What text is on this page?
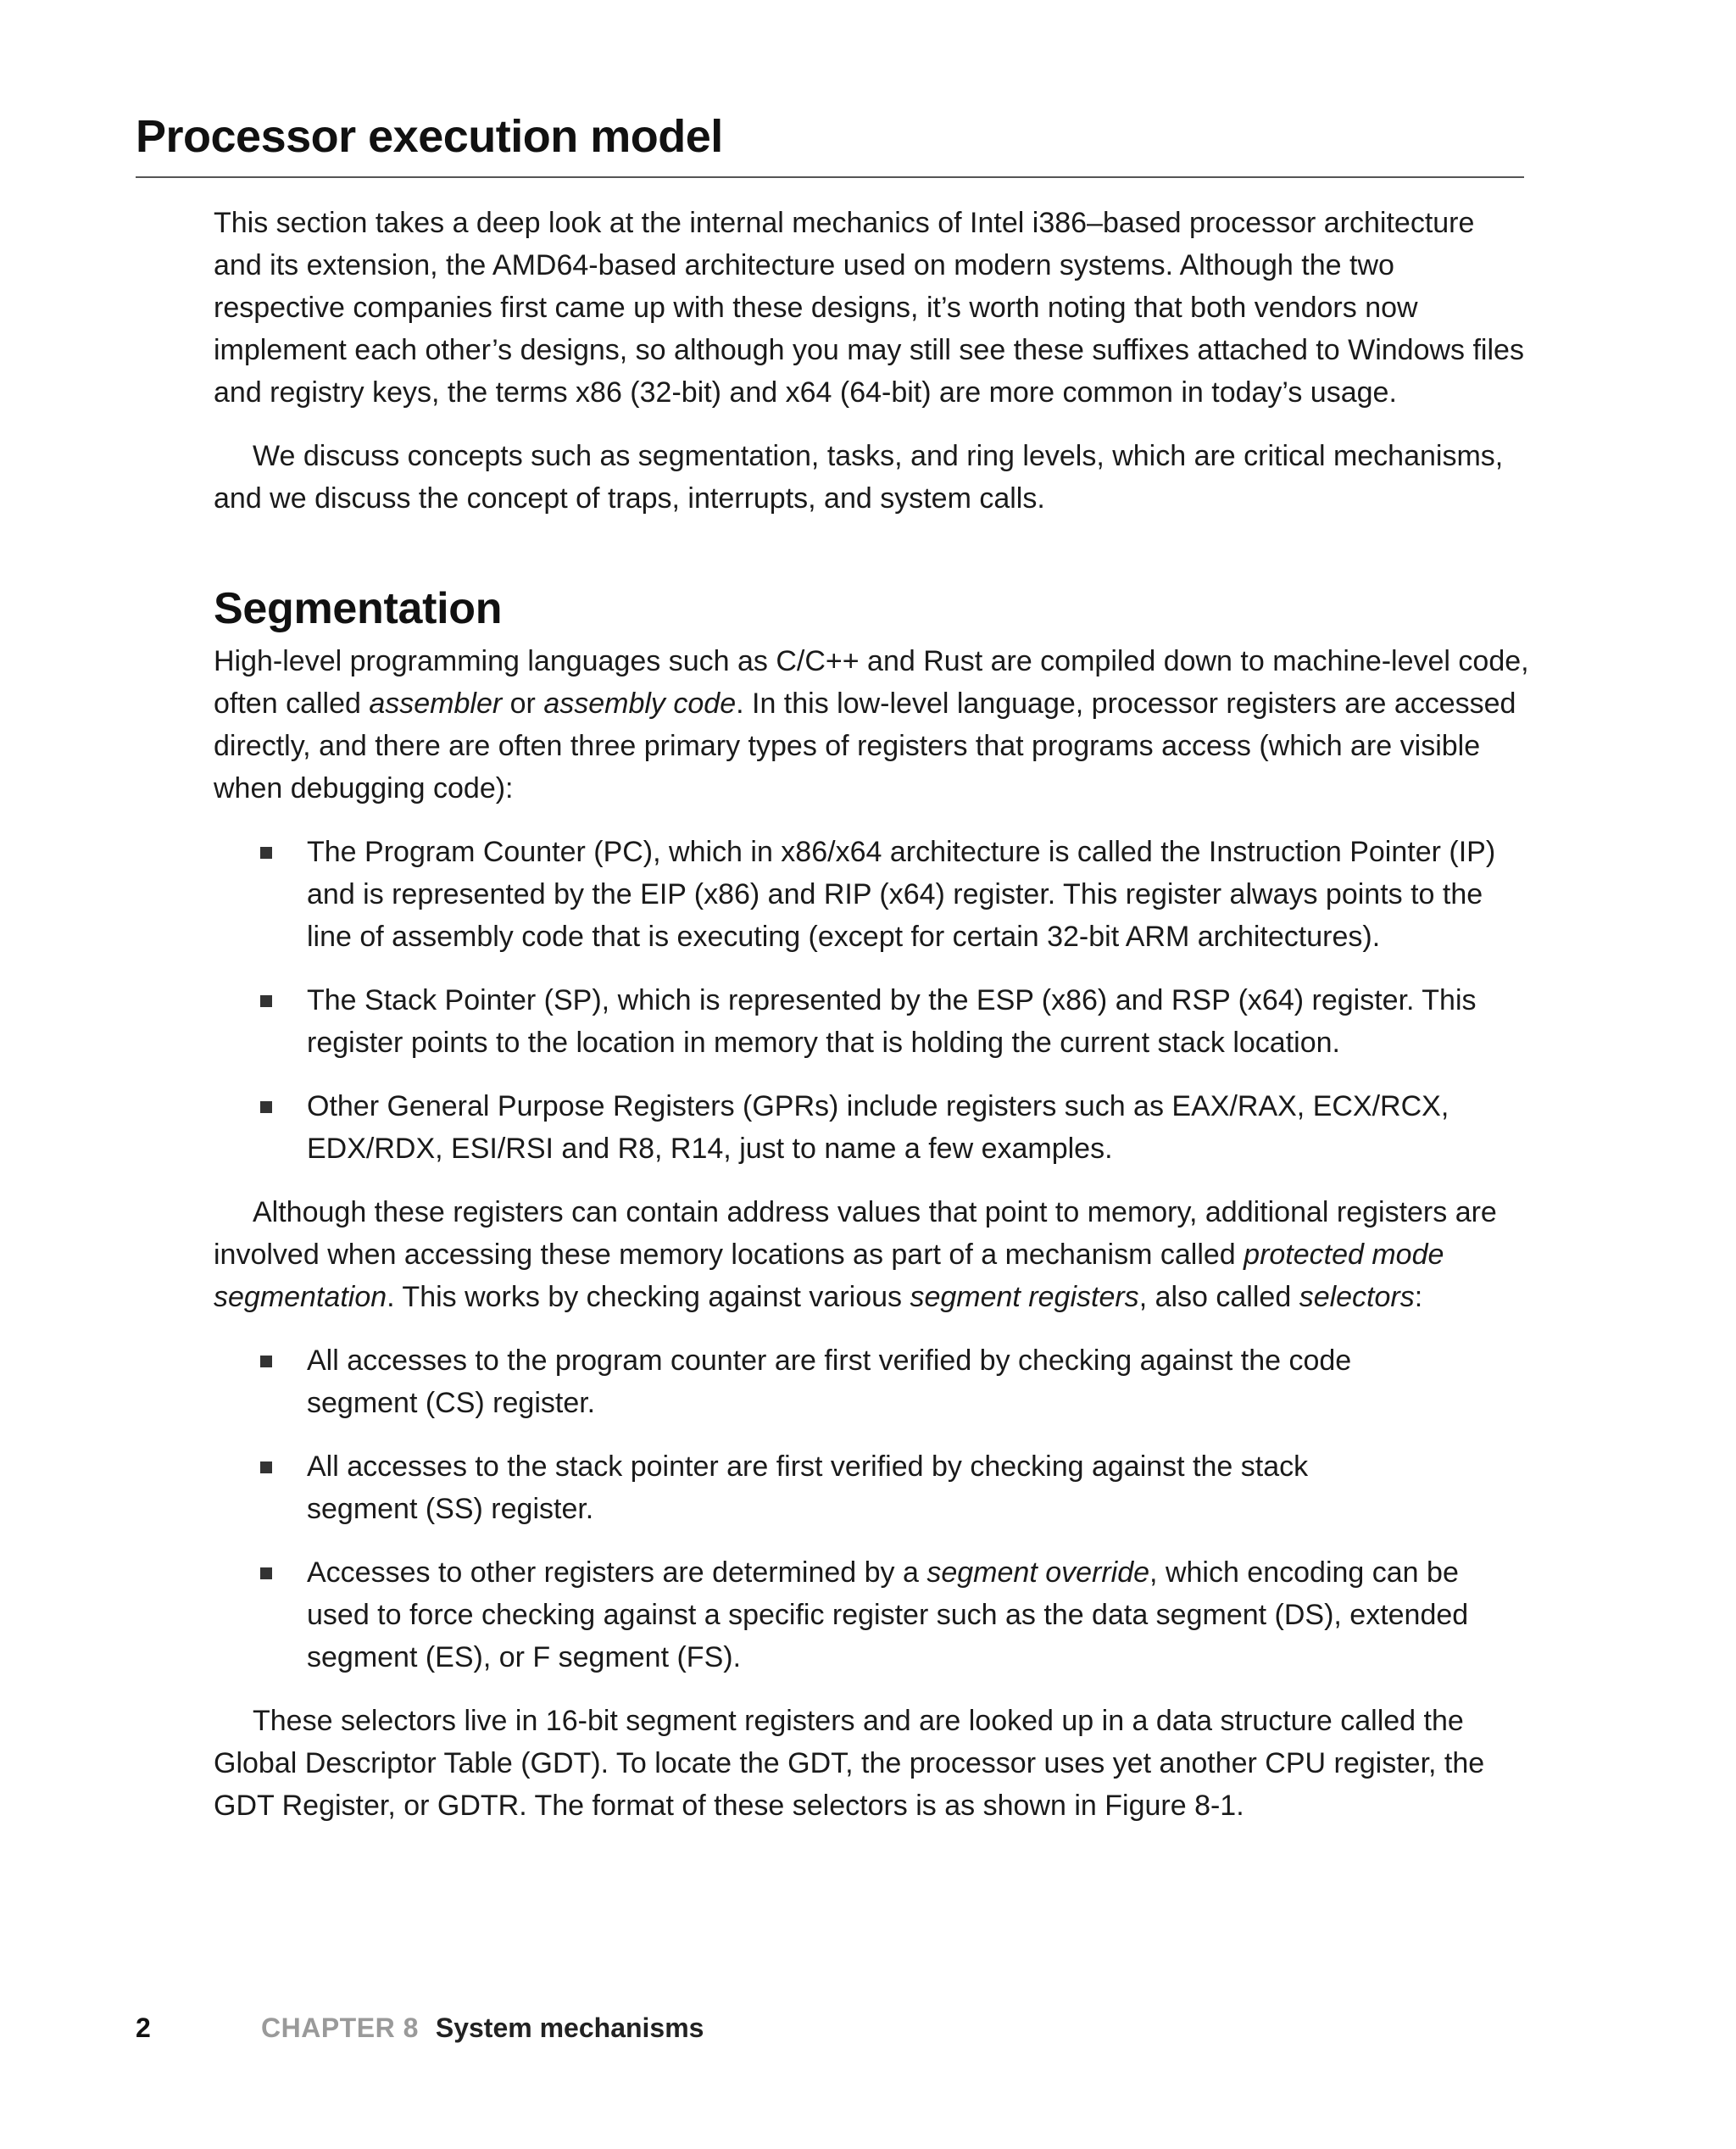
Processor execution model

This section takes a deep look at the internal mechanics of Intel i386–based processor architecture and its extension, the AMD64-based architecture used on modern systems. Although the two respective companies first came up with these designs, it’s worth noting that both vendors now implement each other’s designs, so although you may still see these suffixes attached to Windows files and registry keys, the terms x86 (32-bit) and x64 (64-bit) are more common in today’s usage.

We discuss concepts such as segmentation, tasks, and ring levels, which are critical mechanisms, and we discuss the concept of traps, interrupts, and system calls.

Segmentation

High-level programming languages such as C/C++ and Rust are compiled down to machine-level code, often called assembler or assembly code. In this low-level language, processor registers are accessed directly, and there are often three primary types of registers that programs access (which are visible when debugging code):

The Program Counter (PC), which in x86/x64 architecture is called the Instruction Pointer (IP) and is represented by the EIP (x86) and RIP (x64) register. This register always points to the line of assembly code that is executing (except for certain 32-bit ARM architectures).
The Stack Pointer (SP), which is represented by the ESP (x86) and RSP (x64) register. This register points to the location in memory that is holding the current stack location.
Other General Purpose Registers (GPRs) include registers such as EAX/RAX, ECX/RCX, EDX/RDX, ESI/RSI and R8, R14, just to name a few examples.

Although these registers can contain address values that point to memory, additional registers are involved when accessing these memory locations as part of a mechanism called protected mode segmentation. This works by checking against various segment registers, also called selectors:

All accesses to the program counter are first verified by checking against the code segment (CS) register.
All accesses to the stack pointer are first verified by checking against the stack segment (SS) register.
Accesses to other registers are determined by a segment override, which encoding can be used to force checking against a specific register such as the data segment (DS), extended segment (ES), or F segment (FS).

These selectors live in 16-bit segment registers and are looked up in a data structure called the Global Descriptor Table (GDT). To locate the GDT, the processor uses yet another CPU register, the GDT Register, or GDTR. The format of these selectors is as shown in Figure 8-1.

2	CHAPTER 8 System mechanisms
